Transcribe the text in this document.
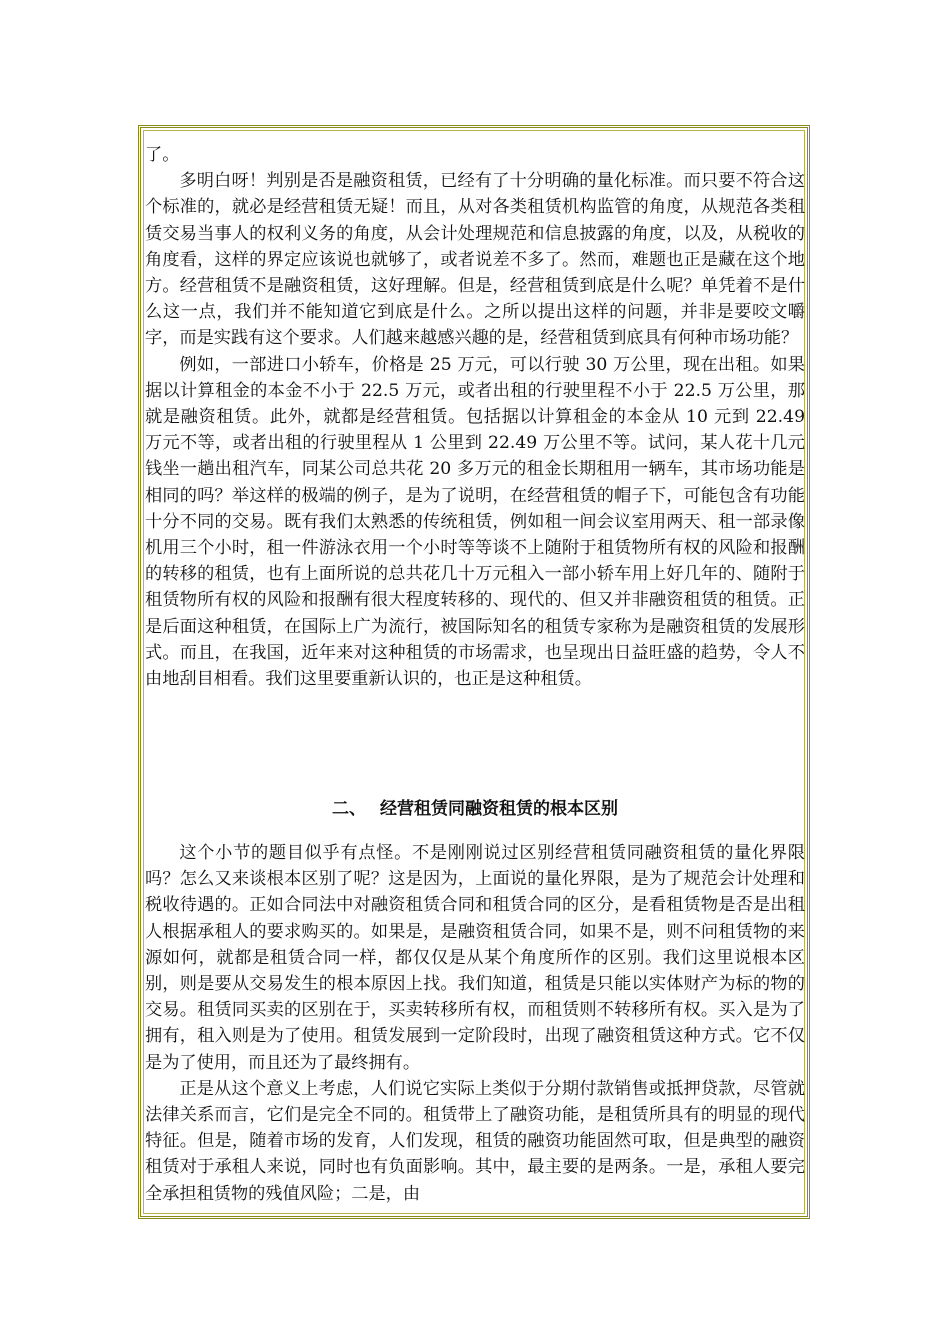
了。

多明白呀！判别是否是融资租赁，已经有了十分明确的量化标准。而只要不符合这个标准的，就必是经营租赁无疑！而且，从对各类租赁机构监管的角度，从规范各类租赁交易当事人的权利义务的角度，从会计处理规范和信息披露的角度，以及，从税收的角度看，这样的界定应该说也就够了，或者说差不多了。然而，难题也正是藏在这个地方。经营租赁不是融资租赁，这好理解。但是，经营租赁到底是什么呢？单凭着不是什么这一点，我们并不能知道它到底是什么。之所以提出这样的问题，并非是要咬文嚼字，而是实践有这个要求。人们越来越感兴趣的是，经营租赁到底具有何种市场功能？

例如，一部进口小轿车，价格是 25 万元，可以行驶 30 万公里，现在出租。如果据以计算租金的本金不小于 22.5 万元，或者出租的行驶里程不小于 22.5 万公里，那就是融资租赁。此外，就都是经营租赁。包括据以计算租金的本金从 10 元到 22.49 万元不等，或者出租的行驶里程从 1 公里到 22.49 万公里不等。试问，某人花十几元钱坐一趟出租汽车，同某公司总共花 20 多万元的租金长期租用一辆车，其市场功能是相同的吗？举这样的极端的例子，是为了说明，在经营租赁的帽子下，可能包含有功能十分不同的交易。既有我们太熟悉的传统租赁，例如租一间会议室用两天、租一部录像机用三个小时，租一件游泳衣用一个小时等等谈不上随附于租赁物所有权的风险和报酬的转移的租赁，也有上面所说的总共花几十万元租入一部小轿车用上好几年的、随附于租赁物所有权的风险和报酬有很大程度转移的、现代的、但又并非融资租赁的租赁。正是后面这种租赁，在国际上广为流行，被国际知名的租赁专家称为是融资租赁的发展形式。而且，在我国，近年来对这种租赁的市场需求，也呈现出日益旺盛的趋势，令人不由地刮目相看。我们这里要重新认识的，也正是这种租赁。

二、 经营租赁同融资租赁的根本区别

这个小节的题目似乎有点怪。不是刚刚说过区别经营租赁同融资租赁的量化界限吗？怎么又来谈根本区别了呢？这是因为，上面说的量化界限，是为了规范会计处理和税收待遇的。正如合同法中对融资租赁合同和租赁合同的区分，是看租赁物是否是出租人根据承租人的要求购买的。如果是，是融资租赁合同，如果不是，则不问租赁物的来源如何，就都是租赁合同一样，都仅仅是从某个角度所作的区别。我们这里说根本区别，则是要从交易发生的根本原因上找。我们知道，租赁是只能以实体财产为标的物的交易。租赁同买卖的区别在于，买卖转移所有权，而租赁则不转移所有权。买入是为了拥有，租入则是为了使用。租赁发展到一定阶段时，出现了融资租赁这种方式。它不仅是为了使用，而且还为了最终拥有。

正是从这个意义上考虑，人们说它实际上类似于分期付款销售或抵押贷款，尽管就法律关系而言，它们是完全不同的。租赁带上了融资功能，是租赁所具有的明显的现代特征。但是，随着市场的发育，人们发现，租赁的融资功能固然可取，但是典型的融资租赁对于承租人来说，同时也有负面影响。其中，最主要的是两条。一是，承租人要完全承担租赁物的残值风险；二是，由
